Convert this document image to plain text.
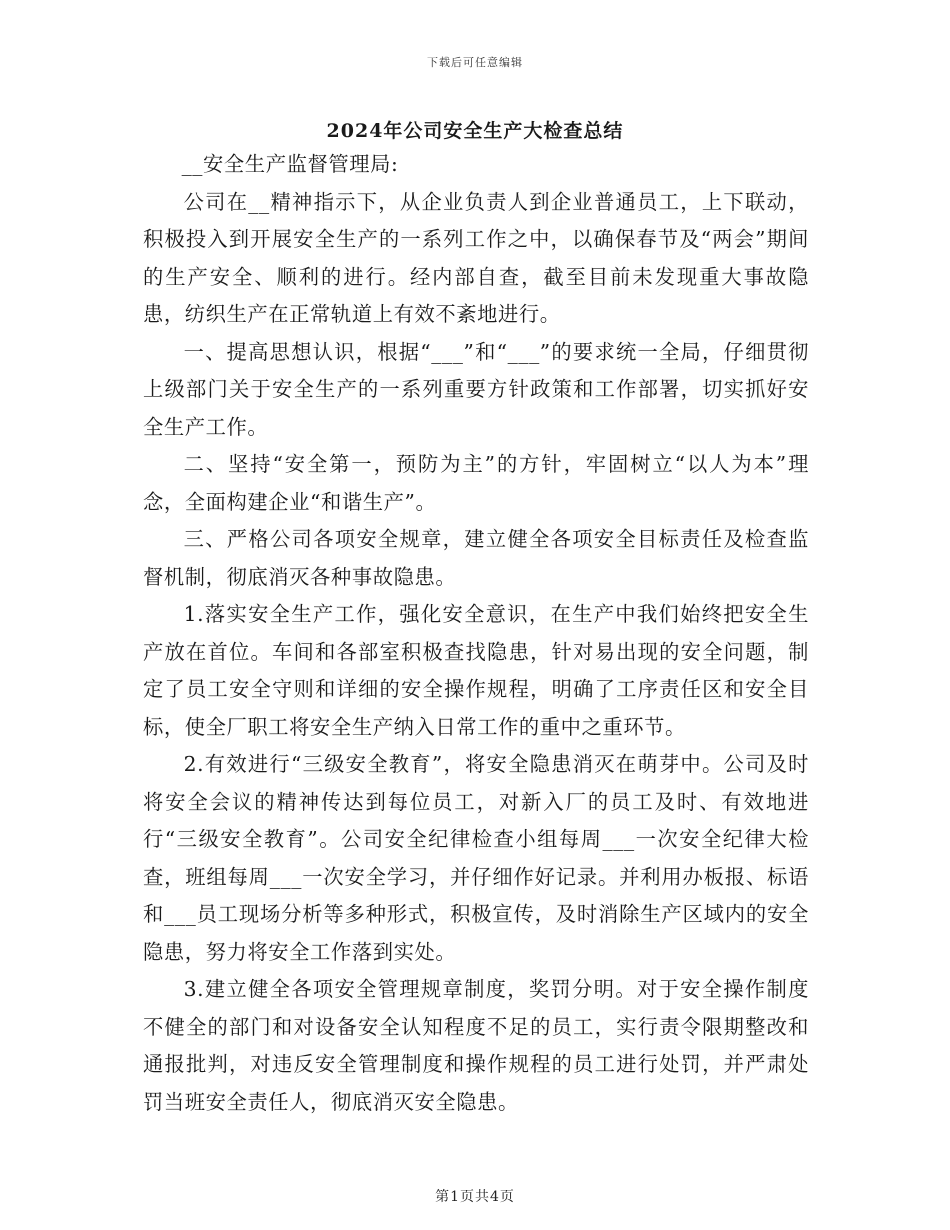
下载后可任意编辑
2024年公司安全生产大检查总结

__安全生产监督管理局:

公司在__精神指示下，从企业负责人到企业普通员工，上下联动，积极投入到开展安全生产的一系列工作之中，以确保春节及“两会”期间的生产安全、顺利的进行。经内部自查，截至目前未发现重大事故隐患，纺织生产在正常轨道上有效不紊地进行。

一、提高思想认识，根据“___”和“___”的要求统一全局，仔细贯彻上级部门关于安全生产的一系列重要方针政策和工作部署，切实抓好安全生产工作。

二、坚持“安全第一，预防为主”的方针，牢固树立“以人为本”理念，全面构建企业“和谐生产”。

三、严格公司各项安全规章，建立健全各项安全目标责任及检查监督机制，彻底消灭各种事故隐患。

1.落实安全生产工作，强化安全意识，在生产中我们始终把安全生产放在首位。车间和各部室积极查找隐患，针对易出现的安全问题，制定了员工安全守则和详细的安全操作规程，明确了工序责任区和安全目标，使全厂职工将安全生产纳入日常工作的重中之重环节。

2.有效进行“三级安全教育”，将安全隐患消灭在萌芽中。公司及时将安全会议的精神传达到每位员工，对新入厂的员工及时、有效地进行“三级安全教育”。公司安全纪律检查小组每周___一次安全纪律大检查，班组每周___一次安全学习，并仔细作好记录。并利用办板报、标语和___员工现场分析等多种形式，积极宣传，及时消除生产区域内的安全隐患，努力将安全工作落到实处。

3.建立健全各项安全管理规章制度，奖罚分明。对于安全操作制度不健全的部门和对设备安全认知程度不足的员工，实行责令限期整改和通报批判，对违反安全管理制度和操作规程的员工进行处罚，并严肃处罚当班安全责任人，彻底消灭安全隐患。

第1页共4页
